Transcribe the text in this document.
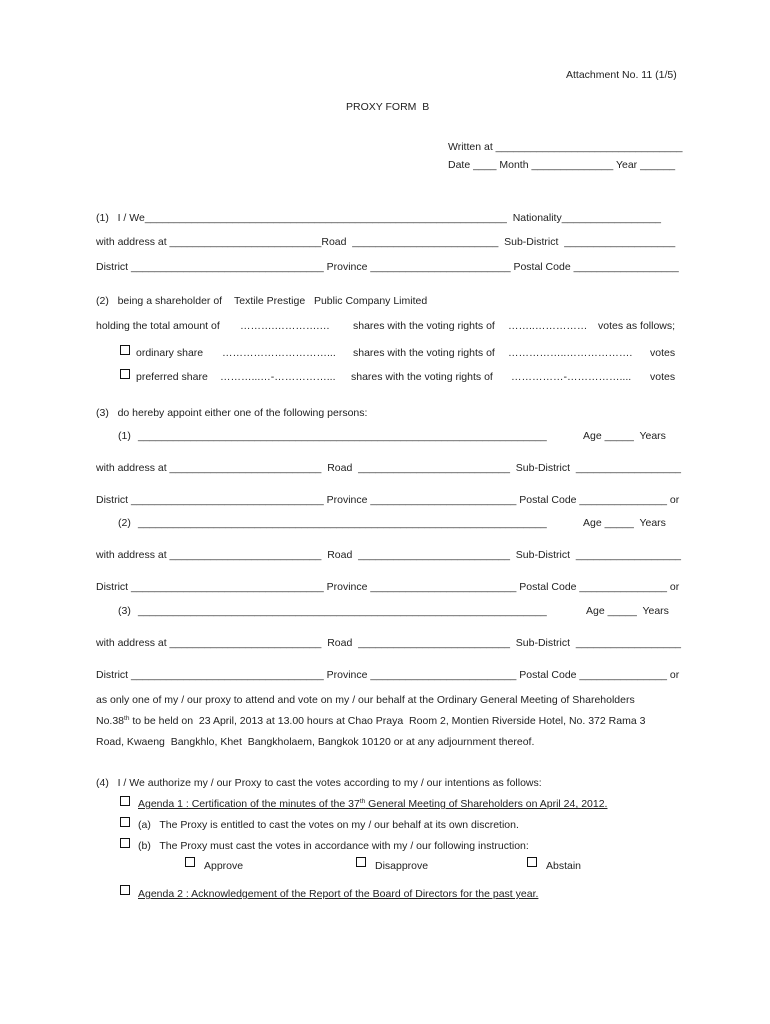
Attachment No. 11 (1/5)
PROXY FORM  B
Written at ________________________________
Date ____ Month ______________ Year ______
(1)   I / We______________________________________________________________  Nationality_________________
with address at __________________________Road  _________________________  Sub-District  ___________________
District _________________________________ Province ________________________ Postal Code __________________
(2)   being a shareholder of Textile Prestige   Public Company Limited
holding the total amount of ……….………….… shares with the voting rights of ……..…………… votes as follows;
ordinary share …………………………... shares with the voting rights of ……………..………………. votes
preferred share ………...…-……………... shares with the voting rights of ……………-…………….... votes
(3)   do hereby appoint either one of the following persons:
(1) ______________________________________________________________________	Age _____  Years
with address at __________________________  Road  __________________________  Sub-District  __________________
District _________________________________ Province _________________________ Postal Code _______________ or
(2) ______________________________________________________________________	Age _____  Years
with address at __________________________  Road  __________________________  Sub-District  __________________
District _________________________________ Province _________________________ Postal Code _______________ or
(3) ______________________________________________________________________	Age _____  Years
with address at __________________________  Road  __________________________  Sub-District  __________________
District _________________________________ Province _________________________ Postal Code _______________ or
as only one of my / our proxy to attend and vote on my / our behalf at the Ordinary General Meeting of Shareholders
No.38th to be held on  23 April, 2013 at 13.00 hours at Chao Praya  Room 2, Montien Riverside Hotel, No. 372 Rama 3
Road, Kwaeng  Bangkhlo, Khet  Bangkholaem, Bangkok 10120 or at any adjournment thereof.
(4)   I / We authorize my / our Proxy to cast the votes according to my / our intentions as follows:
Agenda 1 : Certification of the minutes of the 37th General Meeting of Shareholders on April 24, 2012.
(a)   The Proxy is entitled to cast the votes on my / our behalf at its own discretion.
(b)   The Proxy must cast the votes in accordance with my / our following instruction:
Approve	Disapprove	Abstain
Agenda 2 : Acknowledgement of the Report of the Board of Directors for the past year.
